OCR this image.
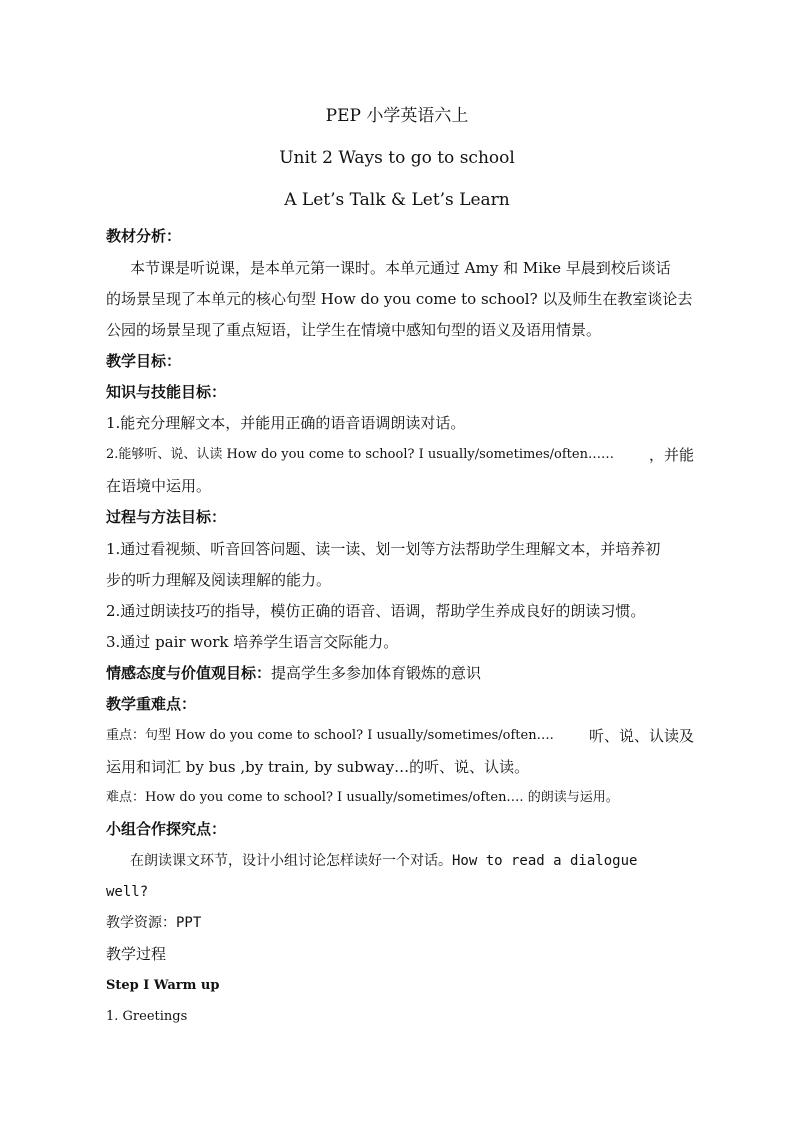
PEP 小学英语六上
Unit 2 Ways to go to school
A Let’s Talk & Let’s Learn
教材分析：
本节课是听说课，是本单元第一课时。本单元通过 Amy 和 Mike 早晨到校后谈话
的场景呈现了本单元的核心句型 How do you come to school? 以及师生在教室谈论去
公园的场景呈现了重点短语，让学生在情境中感知句型的语义及语用情景。
教学目标：
知识与技能目标：
1.能充分理解文本，并能用正确的语音语调朗读对话。
2.能够听、说、认读 How do you come to school? I usually/sometimes/often…… ，并能
在语境中运用。
过程与方法目标：
1.通过看视频、听音回答问题、读一读、划一划等方法帮助学生理解文本，并培养初
步的听力理解及阅读理解的能力。
2.通过朗读技巧的指导，模仿正确的语音、语调，帮助学生养成良好的朗读习惯。
3.通过 pair work 培养学生语言交际能力。
情感态度与价值观目标：提高学生多参加体育锻炼的意识
教学重难点：
重点：句型 How do you come to school? I usually/sometimes/often…. 听、说、认读及
运用和词汇 by bus ,by train, by subway…的听、说、认读。
难点：How do you come to school? I usually/sometimes/often…. 的朗读与运用。
小组合作探究点：
在朗读课文环节，设计小组讨论怎样读好一个对话。How to read a dialogue
well?
教学资源：PPT
教学过程
Step Ⅰ Warm up
1. Greetings
